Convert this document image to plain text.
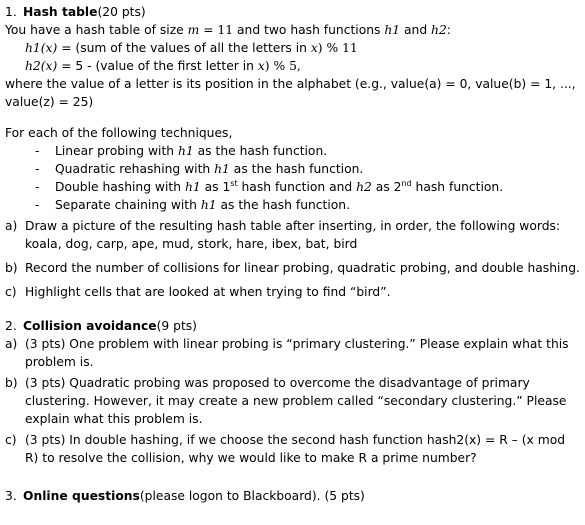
1. Hash table (20 pts)
You have a hash table of size m = 11 and two hash functions h1 and h2:
h1(x) = (sum of the values of all the letters in x) % 11
h2(x) = 5 - (value of the first letter in x) % 5,
where the value of a letter is its position in the alphabet (e.g., value(a) = 0, value(b) = 1, ...,
value(z) = 25)
For each of the following techniques,
-	Linear probing with h1 as the hash function.
-	Quadratic rehashing with h1 as the hash function.
-	Double hashing with h1 as 1st hash function and h2 as 2nd hash function.
-	Separate chaining with h1 as the hash function.
a) Draw a picture of the resulting hash table after inserting, in order, the following words: koala, dog, carp, ape, mud, stork, hare, ibex, bat, bird
b) Record the number of collisions for linear probing, quadratic probing, and double hashing.
c) Highlight cells that are looked at when trying to find “bird”.
2. Collision avoidance (9 pts)
a) (3 pts) One problem with linear probing is “primary clustering.” Please explain what this problem is.
b) (3 pts) Quadratic probing was proposed to overcome the disadvantage of primary clustering. However, it may create a new problem called “secondary clustering.” Please explain what this problem is.
c) (3 pts) In double hashing, if we choose the second hash function hash2(x) = R – (x mod R) to resolve the collision, why we would like to make R a prime number?
3. Online questions (please logon to Blackboard). (5 pts)
